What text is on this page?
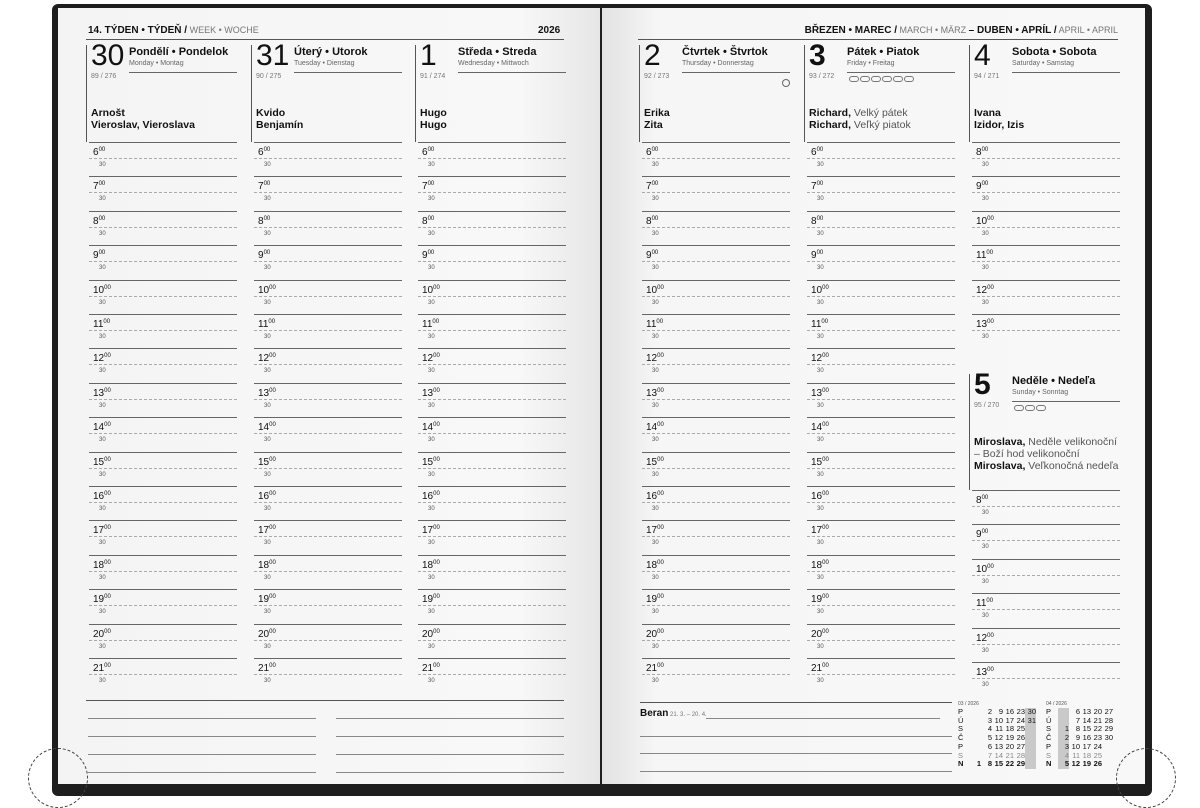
14. TÝDEN • TÝDEŇ / WEEK • WOCHE	2026	BŘEZEN • MAREC / MARCH • MÄRZ – DUBEN • APRÍL / APRIL • APRIL
30 Pondělí • Pondelok
Monday • Montag
89 / 276
Arnošt
Vieroslav, Vieroslava
$6^{00}$
30
$7^{00}$
30
$8^{00}$
30
$9^{00}$
30
$10^{00}$
30
$11^{00}$
30
$12^{00}$
30
$13^{00}$
30
$14^{00}$
30
$15^{00}$
30
$16^{00}$
30
$17^{00}$
30
$18^{00}$
30
$19^{00}$
30
$20^{00}$
30
$21^{00}$
30
31 Úterý • Utorok
Tuesday • Dienstag
90 / 275
Kvido
Benjamín
$6^{00}$
30
$7^{00}$
30
$8^{00}$
30
$9^{00}$
30
$10^{00}$
30
$11^{00}$
30
$12^{00}$
30
$13^{00}$
30
$14^{00}$
30
$15^{00}$
30
$16^{00}$
30
$17^{00}$
30
$18^{00}$
30
$19^{00}$
30
$20^{00}$
30
$21^{00}$
30
1 Středa • Streda
Wednesday • Mittwoch
91 / 274
Hugo
Hugo
$6^{00}$
30
$7^{00}$
30
$8^{00}$
30
$9^{00}$
30
$10^{00}$
30
$11^{00}$
30
$12^{00}$
30
$13^{00}$
30
$14^{00}$
30
$15^{00}$
30
$16^{00}$
30
$17^{00}$
30
$18^{00}$
30
$19^{00}$
30
$20^{00}$
30
$21^{00}$
30
2 Čtvrtek • Štvrtok
Thursday • Donnerstag
92 / 273
Erika
Zita
$6^{00}$
30
$7^{00}$
30
$8^{00}$
30
$9^{00}$
30
$10^{00}$
30
$11^{00}$
30
$12^{00}$
30
$13^{00}$
30
$14^{00}$
30
$15^{00}$
30
$16^{00}$
30
$17^{00}$
30
$18^{00}$
30
$19^{00}$
30
$20^{00}$
30
$21^{00}$
30
3 Pátek • Piatok
Friday • Freitag
93 / 272
Richard, Velký pátek
Richard, Veľký piatok
$6^{00}$
30
$7^{00}$
30
$8^{00}$
30
$9^{00}$
30
$10^{00}$
30
$11^{00}$
30
$12^{00}$
30
$13^{00}$
30
$14^{00}$
30
$15^{00}$
30
$16^{00}$
30
$17^{00}$
30
$18^{00}$
30
$19^{00}$
30
$20^{00}$
30
$21^{00}$
30
4 Sobota • Sobota
Saturday • Samstag
94 / 271
Ivana
Izidor, Izis
$8^{00}$
30
$9^{00}$
30
$10^{00}$
30
$11^{00}$
30
$12^{00}$
30
$13^{00}$
30
5 Neděle • Nedeľa
Sunday • Sonntag
95 / 270
Miroslava, Neděle velikonoční
– Boží hod velikonoční
Miroslava, Veľkonočná nedeľa
$8^{00}$
30
$9^{00}$
30
$10^{00}$
30
$11^{00}$
30
$12^{00}$
30
$13^{00}$
30
Beran 21. 3. – 20. 4.
03 / 2026
P	2 9 16 23 30
Ú	3 10 17 24 31
S	4 11 18 25
Č	5 12 19 26
P	6 13 20 27
S	7 14 21 28
N	1 8 15 22 29
04 / 2026
P	6 13 20 27
Ú	7 14 21 28
S	1 8 15 22 29
Č	2 9 16 23 30
P	3 10 17 24
S	4 11 18 25
N	5 12 19 26
